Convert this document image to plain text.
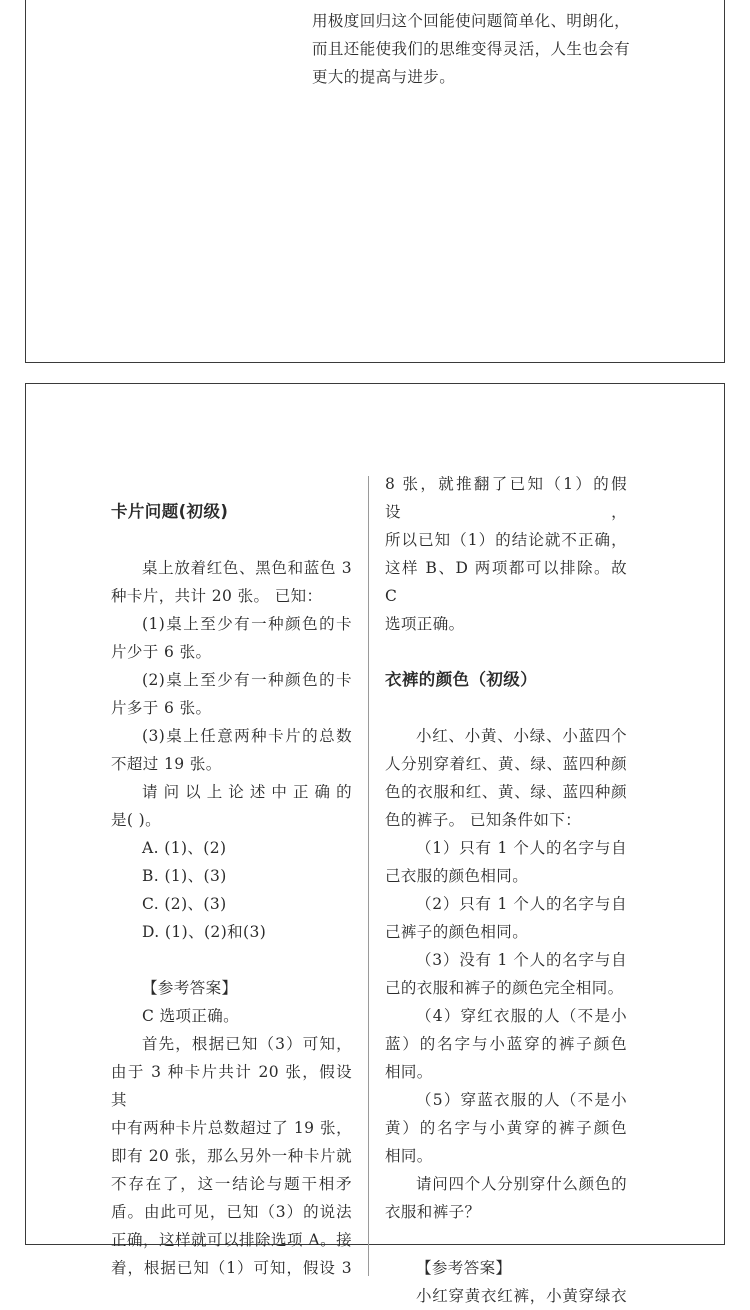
用极度回归这个回能使问题简单化、明朗化，

而且还能使我们的思维变得灵活，人生也会有

更大的提高与进步。

卡片问题(初级)

桌上放着红色、黑色和蓝色 3

种卡片，共计 20 张。 已知：

(1)桌上至少有一种颜色的卡

片少于 6 张。

(2)桌上至少有一种颜色的卡

片多于 6 张。

(3)桌上任意两种卡片的总数

不超过 19 张。

请问以上论述中正确的

是( )。

A. (1)、(2)

B. (1)、(3)

C. (2)、(3)

D. (1)、(2)和(3)

【参考答案】

C 选项正确。

首先，根据已知（3）可知，

由于 3 种卡片共计 20 张，假设其

中有两种卡片总数超过了 19 张，

即有 20 张，那么另外一种卡片就

不存在了，这一结论与题干相矛

盾。由此可见，已知（3）的说法

正确，这样就可以排除选项 A。接

着，根据已知（1）可知，假设 3

8 张，就推翻了已知（1）的假设，

所以已知（1）的结论就不正确，

这样 B、D 两项都可以排除。故 C

选项正确。

衣裤的颜色（初级）

小红、小黄、小绿、小蓝四个

人分别穿着红、黄、绿、蓝四种颜

色的衣服和红、黄、绿、蓝四种颜

色的裤子。 已知条件如下：

（1）只有 1 个人的名字与自

己衣服的颜色相同。

（2）只有 1 个人的名字与自

己裤子的颜色相同。

（3）没有 1 个人的名字与自

己的衣服和裤子的颜色完全相同。

（4）穿红衣服的人（不是小

蓝）的名字与小蓝穿的裤子颜色

相同。

（5）穿蓝衣服的人（不是小

黄）的名字与小黄穿的裤子颜色

相同。

请问四个人分别穿什么颜色的

衣服和裤子？

【参考答案】

小红穿黄衣红裤，小黄穿绿衣
